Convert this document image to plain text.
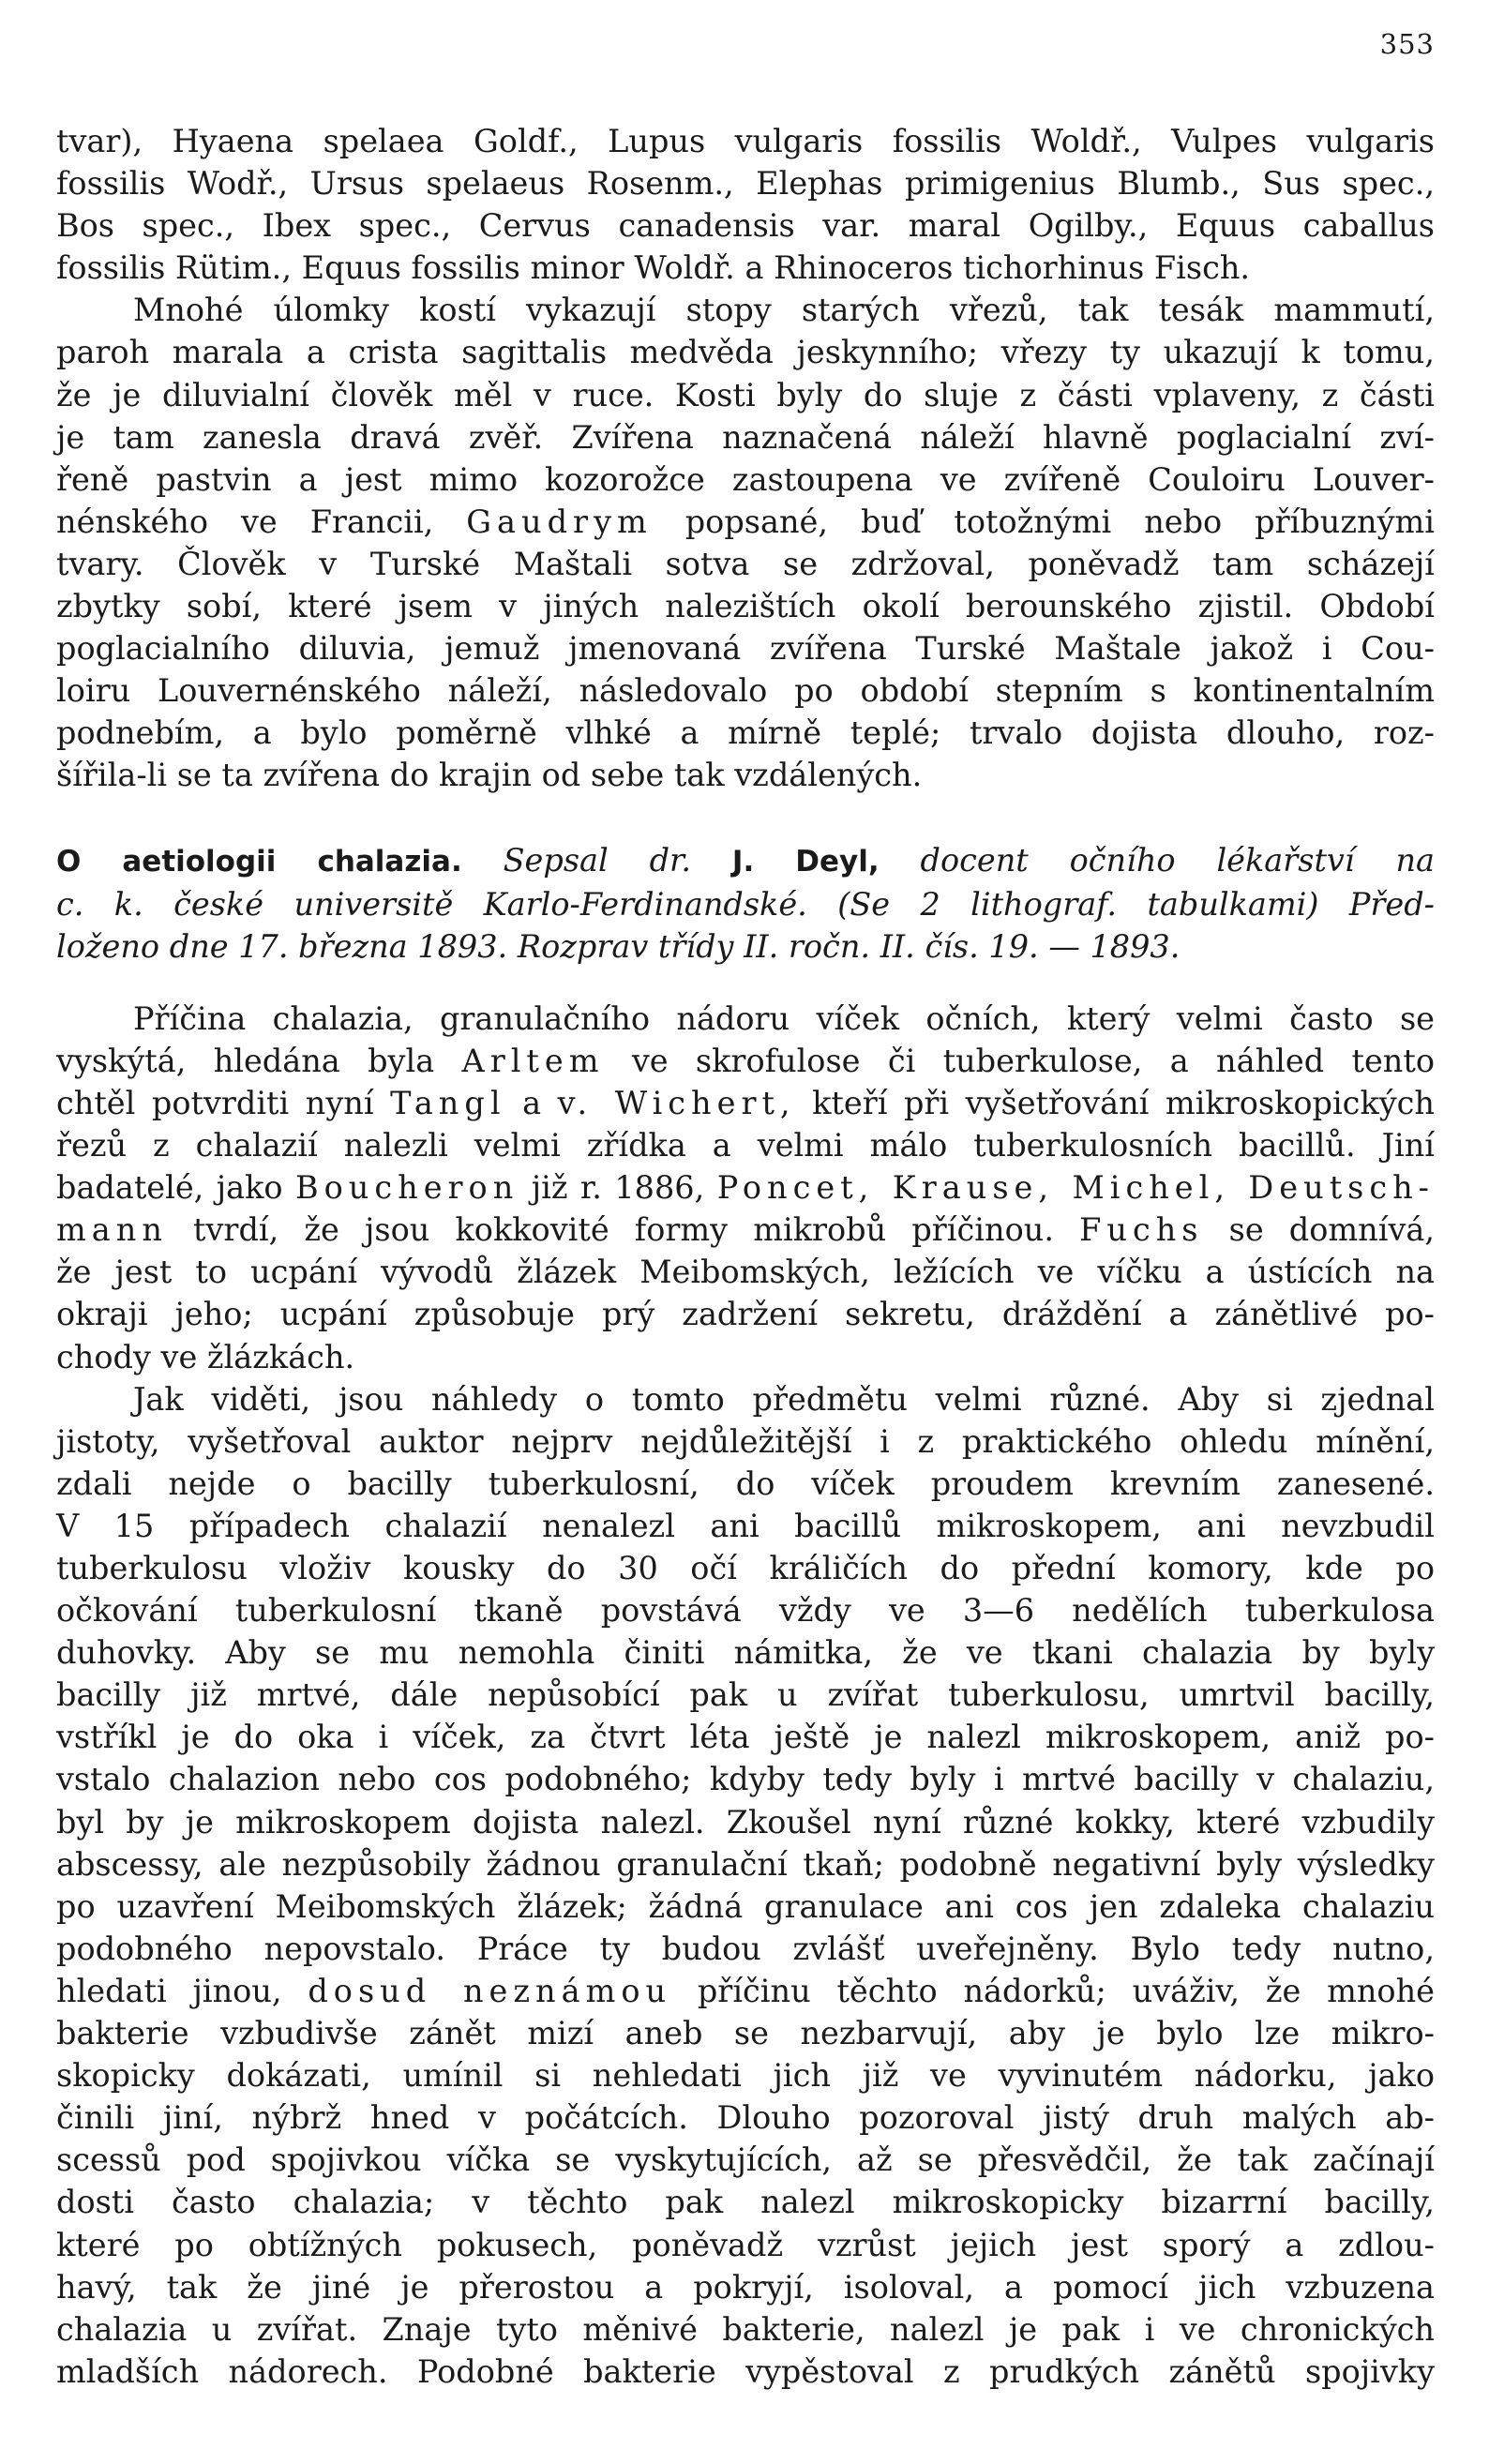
353

tvar), Hyaena spelaea Goldf., Lupus vulgaris fossilis Woldř., Vulpes vulgaris

fossilis Wodř., Ursus spelaeus Rosenm., Elephas primigenius Blumb., Sus spec.,

Bos spec., Ibex spec., Cervus canadensis var. maral Ogilby., Equus caballus

fossilis Rütim., Equus fossilis minor Woldř. a Rhinoceros tichorhinus Fisch.

Mnohé úlomky kostí vykazují stopy starých vřezů, tak tesák mammutí,

paroh marala a crista sagittalis medvěda jeskynního; vřezy ty ukazují k tomu,

že je diluvialní člověk měl v ruce. Kosti byly do sluje z části vplaveny, z části

je tam zanesla dravá zvěř. Zvířena naznačená náleží hlavně poglacialní zví-

řeně pastvin a jest mimo kozorožce zastoupena ve zvířeně Couloiru Louver-

nénského ve Francii, Gaudrym popsané, buď totožnými nebo příbuznými

tvary. Člověk v Turské Maštali sotva se zdržoval, poněvadž tam scházejí

zbytky sobí, které jsem v jiných nalezištích okolí berounského zjistil. Období

poglacialního diluvia, jemuž jmenovaná zvířena Turské Maštale jakož i Cou-

loiru Louvernénského náleží, následovalo po období stepním s kontinentalním

podnebím, a bylo poměrně vlhké a mírně teplé; trvalo dojista dlouho, roz-

šířila-li se ta zvířena do krajin od sebe tak vzdálených.

O aetiologii chalazia. Sepsal dr. J. Deyl, docent očního lékařství na

c. k. české universitě Karlo-Ferdinandské. (Se 2 lithograf. tabulkami) Před-

loženo dne 17. března 1893. Rozprav třídy II. ročn. II. čís. 19. — 1893.

Příčina chalazia, granulačního nádoru víček očních, který velmi často se

vyskýtá, hledána byla Arltem ve skrofulose či tuberkulose, a náhled tento

chtěl potvrditi nyní Tangl a v. Wichert, kteří při vyšetřování mikroskopických

řezů z chalazií nalezli velmi zřídka a velmi málo tuberkulosních bacillů. Jiní

badatelé, jako Boucheron již r. 1886, Poncet, Krause, Michel, Deutsch-

mann tvrdí, že jsou kokkovité formy mikrobů příčinou. Fuchs se domnívá,

že jest to ucpání vývodů žlázek Meibomských, ležících ve víčku a ústících na

okraji jeho; ucpání způsobuje prý zadržení sekretu, dráždění a zánětlivé po-

chody ve žlázkách.

Jak viděti, jsou náhledy o tomto předmětu velmi různé. Aby si zjednal

jistoty, vyšetřoval auktor nejprv nejdůležitější i z praktického ohledu mínění,

zdali nejde o bacilly tuberkulosní, do víček proudem krevním zanesené.

V 15 případech chalazií nenalezl ani bacillů mikroskopem, ani nevzbudil

tuberkulosu vloživ kousky do 30 očí králičích do přední komory, kde po

očkování tuberkulosní tkaně povstává vždy ve 3—6 nedělích tuberkulosa

duhovky. Aby se mu nemohla činiti námitka, že ve tkani chalazia by byly

bacilly již mrtvé, dále nepůsobící pak u zvířat tuberkulosu, umrtvil bacilly,

vstříkl je do oka i víček, za čtvrt léta ještě je nalezl mikroskopem, aniž po-

vstalo chalazion nebo cos podobného; kdyby tedy byly i mrtvé bacilly v chalaziu,

byl by je mikroskopem dojista nalezl. Zkoušel nyní různé kokky, které vzbudily

abscessy, ale nezpůsobily žádnou granulační tkaň; podobně negativní byly výsledky

po uzavření Meibomských žlázek; žádná granulace ani cos jen zdaleka chalaziu

podobného nepovstalo. Práce ty budou zvlášť uveřejněny. Bylo tedy nutno,

hledati jinou, dosud neznámou příčinu těchto nádorků; uváživ, že mnohé

bakterie vzbudivše zánět mizí aneb se nezbarvují, aby je bylo lze mikro-

skopicky dokázati, umínil si nehledati jich již ve vyvinutém nádorku, jako

činili jiní, nýbrž hned v počátcích. Dlouho pozoroval jistý druh malých ab-

scessů pod spojivkou víčka se vyskytujících, až se přesvědčil, že tak začínají

dosti často chalazia; v těchto pak nalezl mikroskopicky bizarrní bacilly,

které po obtížných pokusech, poněvadž vzrůst jejich jest sporý a zdlou-

havý, tak že jiné je přerostou a pokryjí, isoloval, a pomocí jich vzbuzena

chalazia u zvířat. Znaje tyto měnivé bakterie, nalezl je pak i ve chronických

mladších nádorech. Podobné bakterie vypěstoval z prudkých zánětů spojivky
